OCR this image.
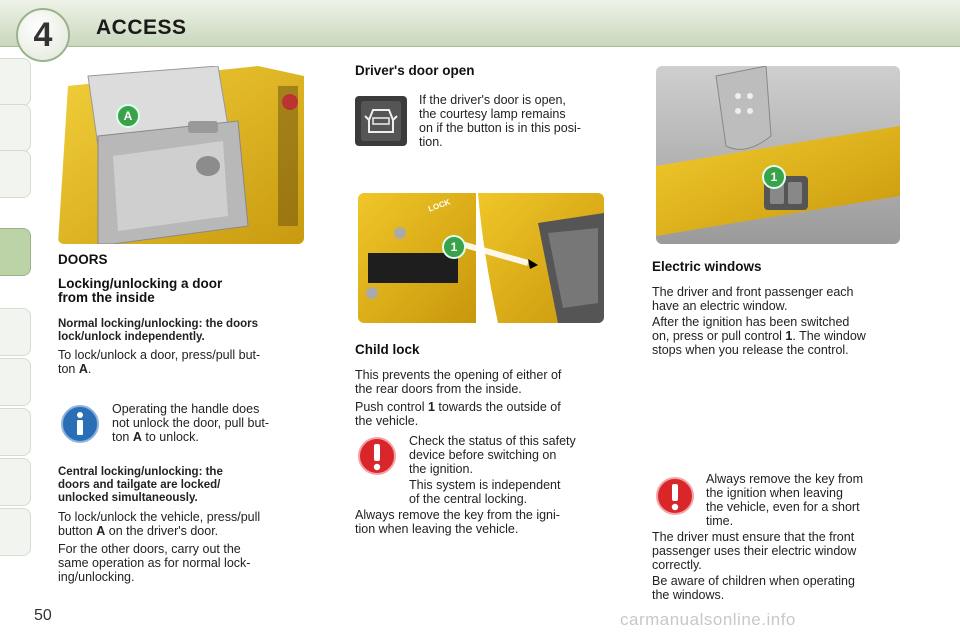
4	ACCESS
A
DOORS
Locking/unlocking a door
from the inside

Normal locking/unlocking: the doors

lock/unlock independently.

To lock/unlock a door, press/pull but-

ton A.

Operating the handle does

not unlock the door, pull but-

ton A to unlock.

Central locking/unlocking: the

doors and tailgate are locked/

unlocked simultaneously.

To lock/unlock the vehicle, press/pull

button A on the driver's door.

For the other doors, carry out the

same operation as for normal lock-

ing/unlocking.

Driver's door open

If the driver's door is open,

the courtesy lamp remains

on if the button is in this posi-

tion.

LOCK
1
Child lock

This prevents the opening of either of

the rear doors from the inside.

Push control 1 towards the outside of

the vehicle.

Check the status of this safety

device before switching on

the ignition.

This system is independent

of the central locking.

Always remove the key from the igni-

tion when leaving the vehicle.

1
Electric windows

The driver and front passenger each

have an electric window.

After the ignition has been switched

on, press or pull control 1. The window

stops when you release the control.

Always remove the key from

the ignition when leaving

the vehicle, even for a short

time.

The driver must ensure that the front

passenger uses their electric window

correctly.

Be aware of children when operating

the windows.

50	carmanualsonline.info
